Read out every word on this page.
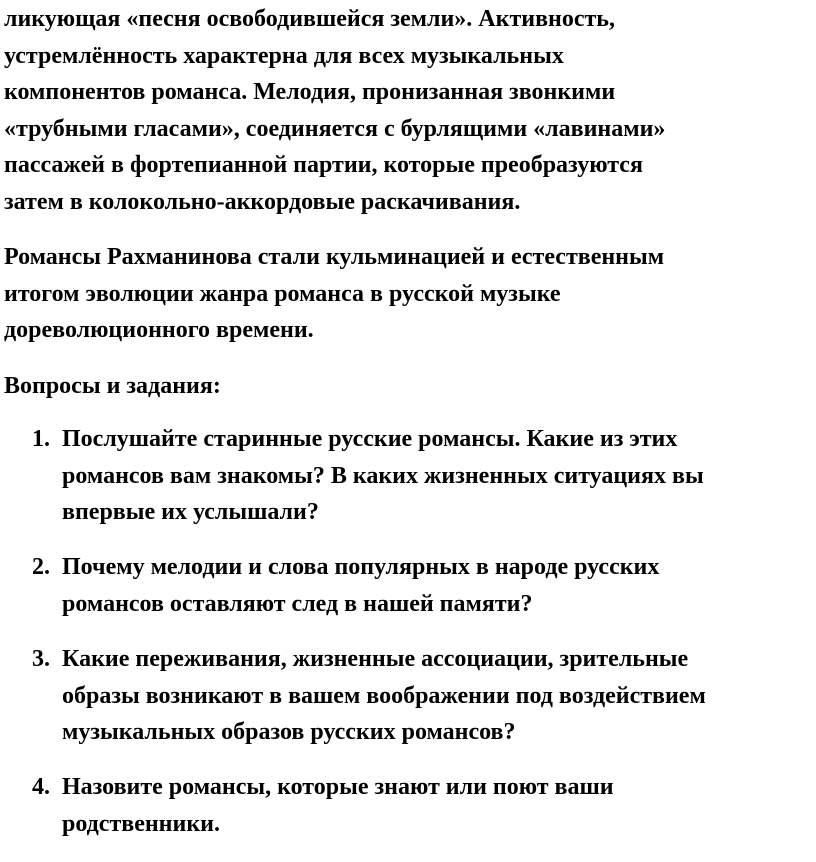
ликующая «песня освободившейся земли». Активность,
устремлённость характерна для всех музыкальных
компонентов романса. Мелодия, пронизанная звонкими
«трубными гласами», соединяется с бурлящими «лавинами»
пассажей в фортепианной партии, которые преобразуются
затем в колокольно-аккордовые раскачивания.
Романсы Рахманинова стали кульминацией и естественным
итогом эволюции жанра романса в русской музыке
дореволюционного времени.
Вопросы и задания:
1. Послушайте старинные русские романсы. Какие из этих
романсов вам знакомы? В каких жизненных ситуациях вы
впервые их услышали?
2. Почему мелодии и слова популярных в народе русских
романсов оставляют след в нашей памяти?
3. Какие переживания, жизненные ассоциации, зрительные
образы возникают в вашем воображении под воздействием
музыкальных образов русских романсов?
4. Назовите романсы, которые знают или поют ваши
родственники.
